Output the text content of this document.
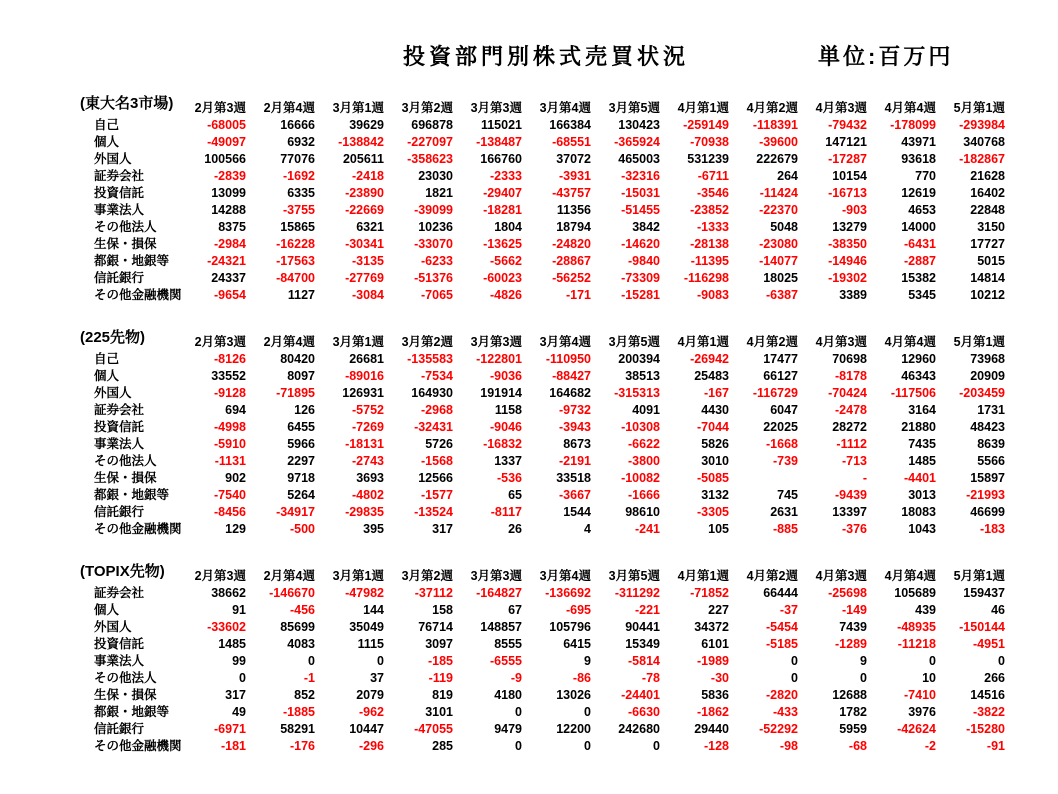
投資部門別株式売買状況	単位:百万円
(東大名3市場)	2月第3週	2月第4週	3月第1週	3月第2週	3月第3週	3月第4週	3月第5週	4月第1週	4月第2週	4月第3週	4月第4週	5月第1週
自己	-68005	16666	39629	696878	115021	166384	130423	-259149	-118391	-79432	-178099	-293984
個人	-49097	6932	-138842	-227097	-138487	-68551	-365924	-70938	-39600	147121	43971	340768
外国人	100566	77076	205611	-358623	166760	37072	465003	531239	222679	-17287	93618	-182867
証券会社	-2839	-1692	-2418	23030	-2333	-3931	-32316	-6711	264	10154	770	21628
投資信託	13099	6335	-23890	1821	-29407	-43757	-15031	-3546	-11424	-16713	12619	16402
事業法人	14288	-3755	-22669	-39099	-18281	11356	-51455	-23852	-22370	-903	4653	22848
その他法人	8375	15865	6321	10236	1804	18794	3842	-1333	5048	13279	14000	3150
生保・損保	-2984	-16228	-30341	-33070	-13625	-24820	-14620	-28138	-23080	-38350	-6431	17727
都銀・地銀等	-24321	-17563	-3135	-6233	-5662	-28867	-9840	-11395	-14077	-14946	-2887	5015
信託銀行	24337	-84700	-27769	-51376	-60023	-56252	-73309	-116298	18025	-19302	15382	14814
その他金融機関	-9654	1127	-3084	-7065	-4826	-171	-15281	-9083	-6387	3389	5345	10212
(225先物)	2月第3週	2月第4週	3月第1週	3月第2週	3月第3週	3月第4週	3月第5週	4月第1週	4月第2週	4月第3週	4月第4週	5月第1週
自己	-8126	80420	26681	-135583	-122801	-110950	200394	-26942	17477	70698	12960	73968
個人	33552	8097	-89016	-7534	-9036	-88427	38513	25483	66127	-8178	46343	20909
外国人	-9128	-71895	126931	164930	191914	164682	-315313	-167	-116729	-70424	-117506	-203459
証券会社	694	126	-5752	-2968	1158	-9732	4091	4430	6047	-2478	3164	1731
投資信託	-4998	6455	-7269	-32431	-9046	-3943	-10308	-7044	22025	28272	21880	48423
事業法人	-5910	5966	-18131	5726	-16832	8673	-6622	5826	-1668	-1112	7435	8639
その他法人	-1131	2297	-2743	-1568	1337	-2191	-3800	3010	-739	-713	1485	5566
生保・損保	902	9718	3693	12566	-536	33518	-10082	-5085		-	-4401	15897
都銀・地銀等	-7540	5264	-4802	-1577	65	-3667	-1666	3132	745	-9439	3013	-21993
信託銀行	-8456	-34917	-29835	-13524	-8117	1544	98610	-3305	2631	13397	18083	46699
その他金融機関	129	-500	395	317	26	4	-241	105	-885	-376	1043	-183
(TOPIX先物)	2月第3週	2月第4週	3月第1週	3月第2週	3月第3週	3月第4週	3月第5週	4月第1週	4月第2週	4月第3週	4月第4週	5月第1週
証券会社	38662	-146670	-47982	-37112	-164827	-136692	-311292	-71852	66444	-25698	105689	159437
個人	91	-456	144	158	67	-695	-221	227	-37	-149	439	46
外国人	-33602	85699	35049	76714	148857	105796	90441	34372	-5454	7439	-48935	-150144
投資信託	1485	4083	1115	3097	8555	6415	15349	6101	-5185	-1289	-11218	-4951
事業法人	99	0	0	-185	-6555	9	-5814	-1989	0	9	0	0
その他法人	0	-1	37	-119	-9	-86	-78	-30	0	0	10	266
生保・損保	317	852	2079	819	4180	13026	-24401	5836	-2820	12688	-7410	14516
都銀・地銀等	49	-1885	-962	3101	0	0	-6630	-1862	-433	1782	3976	-3822
信託銀行	-6971	58291	10447	-47055	9479	12200	242680	29440	-52292	5959	-42624	-15280
その他金融機関	-181	-176	-296	285	0	0	0	-128	-98	-68	-2	-91
